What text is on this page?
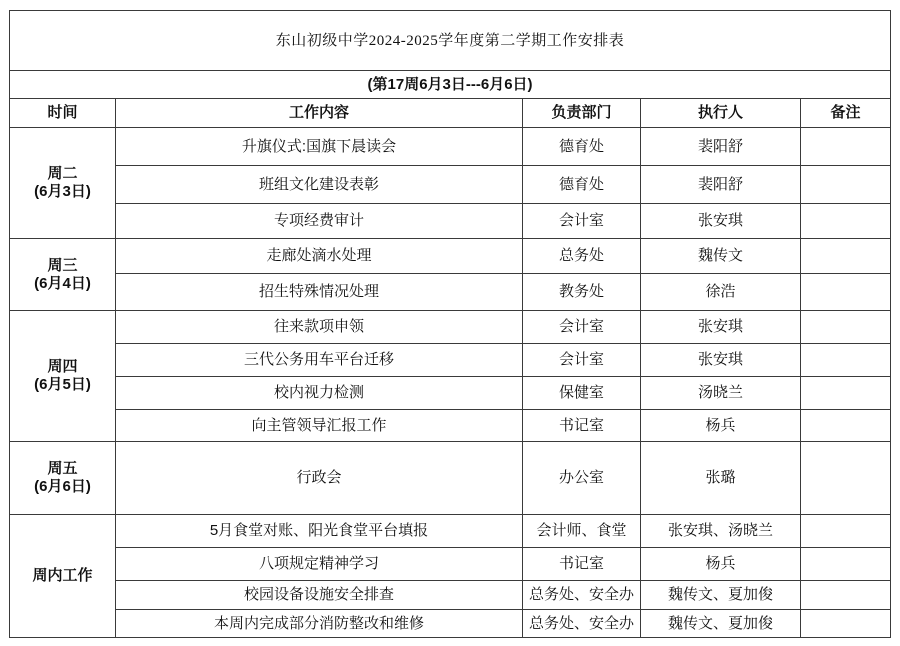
东山初级中学2024-2025学年度第二学期工作安排表				
(第17周6月3日---6月6日)				
时间	工作内容	负责部门	执行人	备注

周二
(6月3日)	升旗仪式:国旗下晨读会	德育处	裴阳舒	
	班组文化建设表彰	德育处	裴阳舒	
	专项经费审计	会计室	张安琪	

周三
(6月4日)	走廊处滴水处理	总务处	魏传文	
	招生特殊情况处理	教务处	徐浩	

周四
(6月5日)	往来款项申领	会计室	张安琪	
	三代公务用车平台迁移	会计室	张安琪	
	校内视力检测	保健室	汤晓兰	
	向主管领导汇报工作	书记室	杨兵	

周五
(6月6日)	行政会	办公室	张璐	

周内工作	5月食堂对账、阳光食堂平台填报	会计师、食堂	张安琪、汤晓兰	
	八项规定精神学习	书记室	杨兵	
	校园设备设施安全排查	总务处、安全办	魏传文、夏加俊	
	本周内完成部分消防整改和维修	总务处、安全办	魏传文、夏加俊	
